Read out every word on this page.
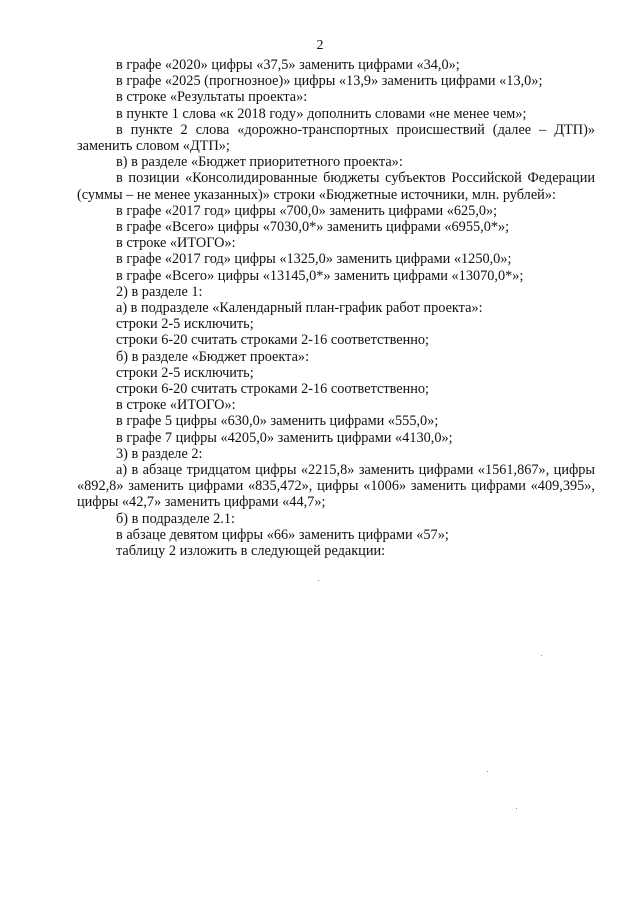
2

в графе «2020» цифры «37,5» заменить цифрами «34,0»;

в графе «2025 (прогнозное)» цифры «13,9» заменить цифрами «13,0»;

в строке «Результаты проекта»:

в пункте 1 слова «к 2018 году» дополнить словами «не менее чем»;

в пункте 2 слова «дорожно-транспортных происшествий (далее – ДТП)» заменить словом «ДТП»;

в) в разделе «Бюджет приоритетного проекта»:

в позиции «Консолидированные бюджеты субъектов Российской Федерации (суммы – не менее указанных)» строки «Бюджетные источники, млн. рублей»:

в графе «2017 год» цифры «700,0» заменить цифрами «625,0»;

в графе «Всего» цифры «7030,0*» заменить цифрами «6955,0*»;

в строке «ИТОГО»:

в графе «2017 год» цифры «1325,0» заменить цифрами «1250,0»;

в графе «Всего» цифры «13145,0*» заменить цифрами «13070,0*»;

2) в разделе 1:

а) в подразделе «Календарный план-график работ проекта»:

строки 2-5 исключить;

строки 6-20 считать строками 2-16 соответственно;

б) в разделе «Бюджет проекта»:

строки 2-5 исключить;

строки 6-20 считать строками 2-16 соответственно;

в строке «ИТОГО»:

в графе 5 цифры «630,0» заменить цифрами «555,0»;

в графе 7 цифры «4205,0» заменить цифрами «4130,0»;

3) в разделе 2:

а) в абзаце тридцатом цифры «2215,8» заменить цифрами «1561,867», цифры «892,8» заменить цифрами «835,472», цифры «1006» заменить цифрами «409,395», цифры «42,7» заменить цифрами «44,7»;

б) в подразделе 2.1:

в абзаце девятом цифры «66» заменить цифрами «57»;

таблицу 2 изложить в следующей редакции:
